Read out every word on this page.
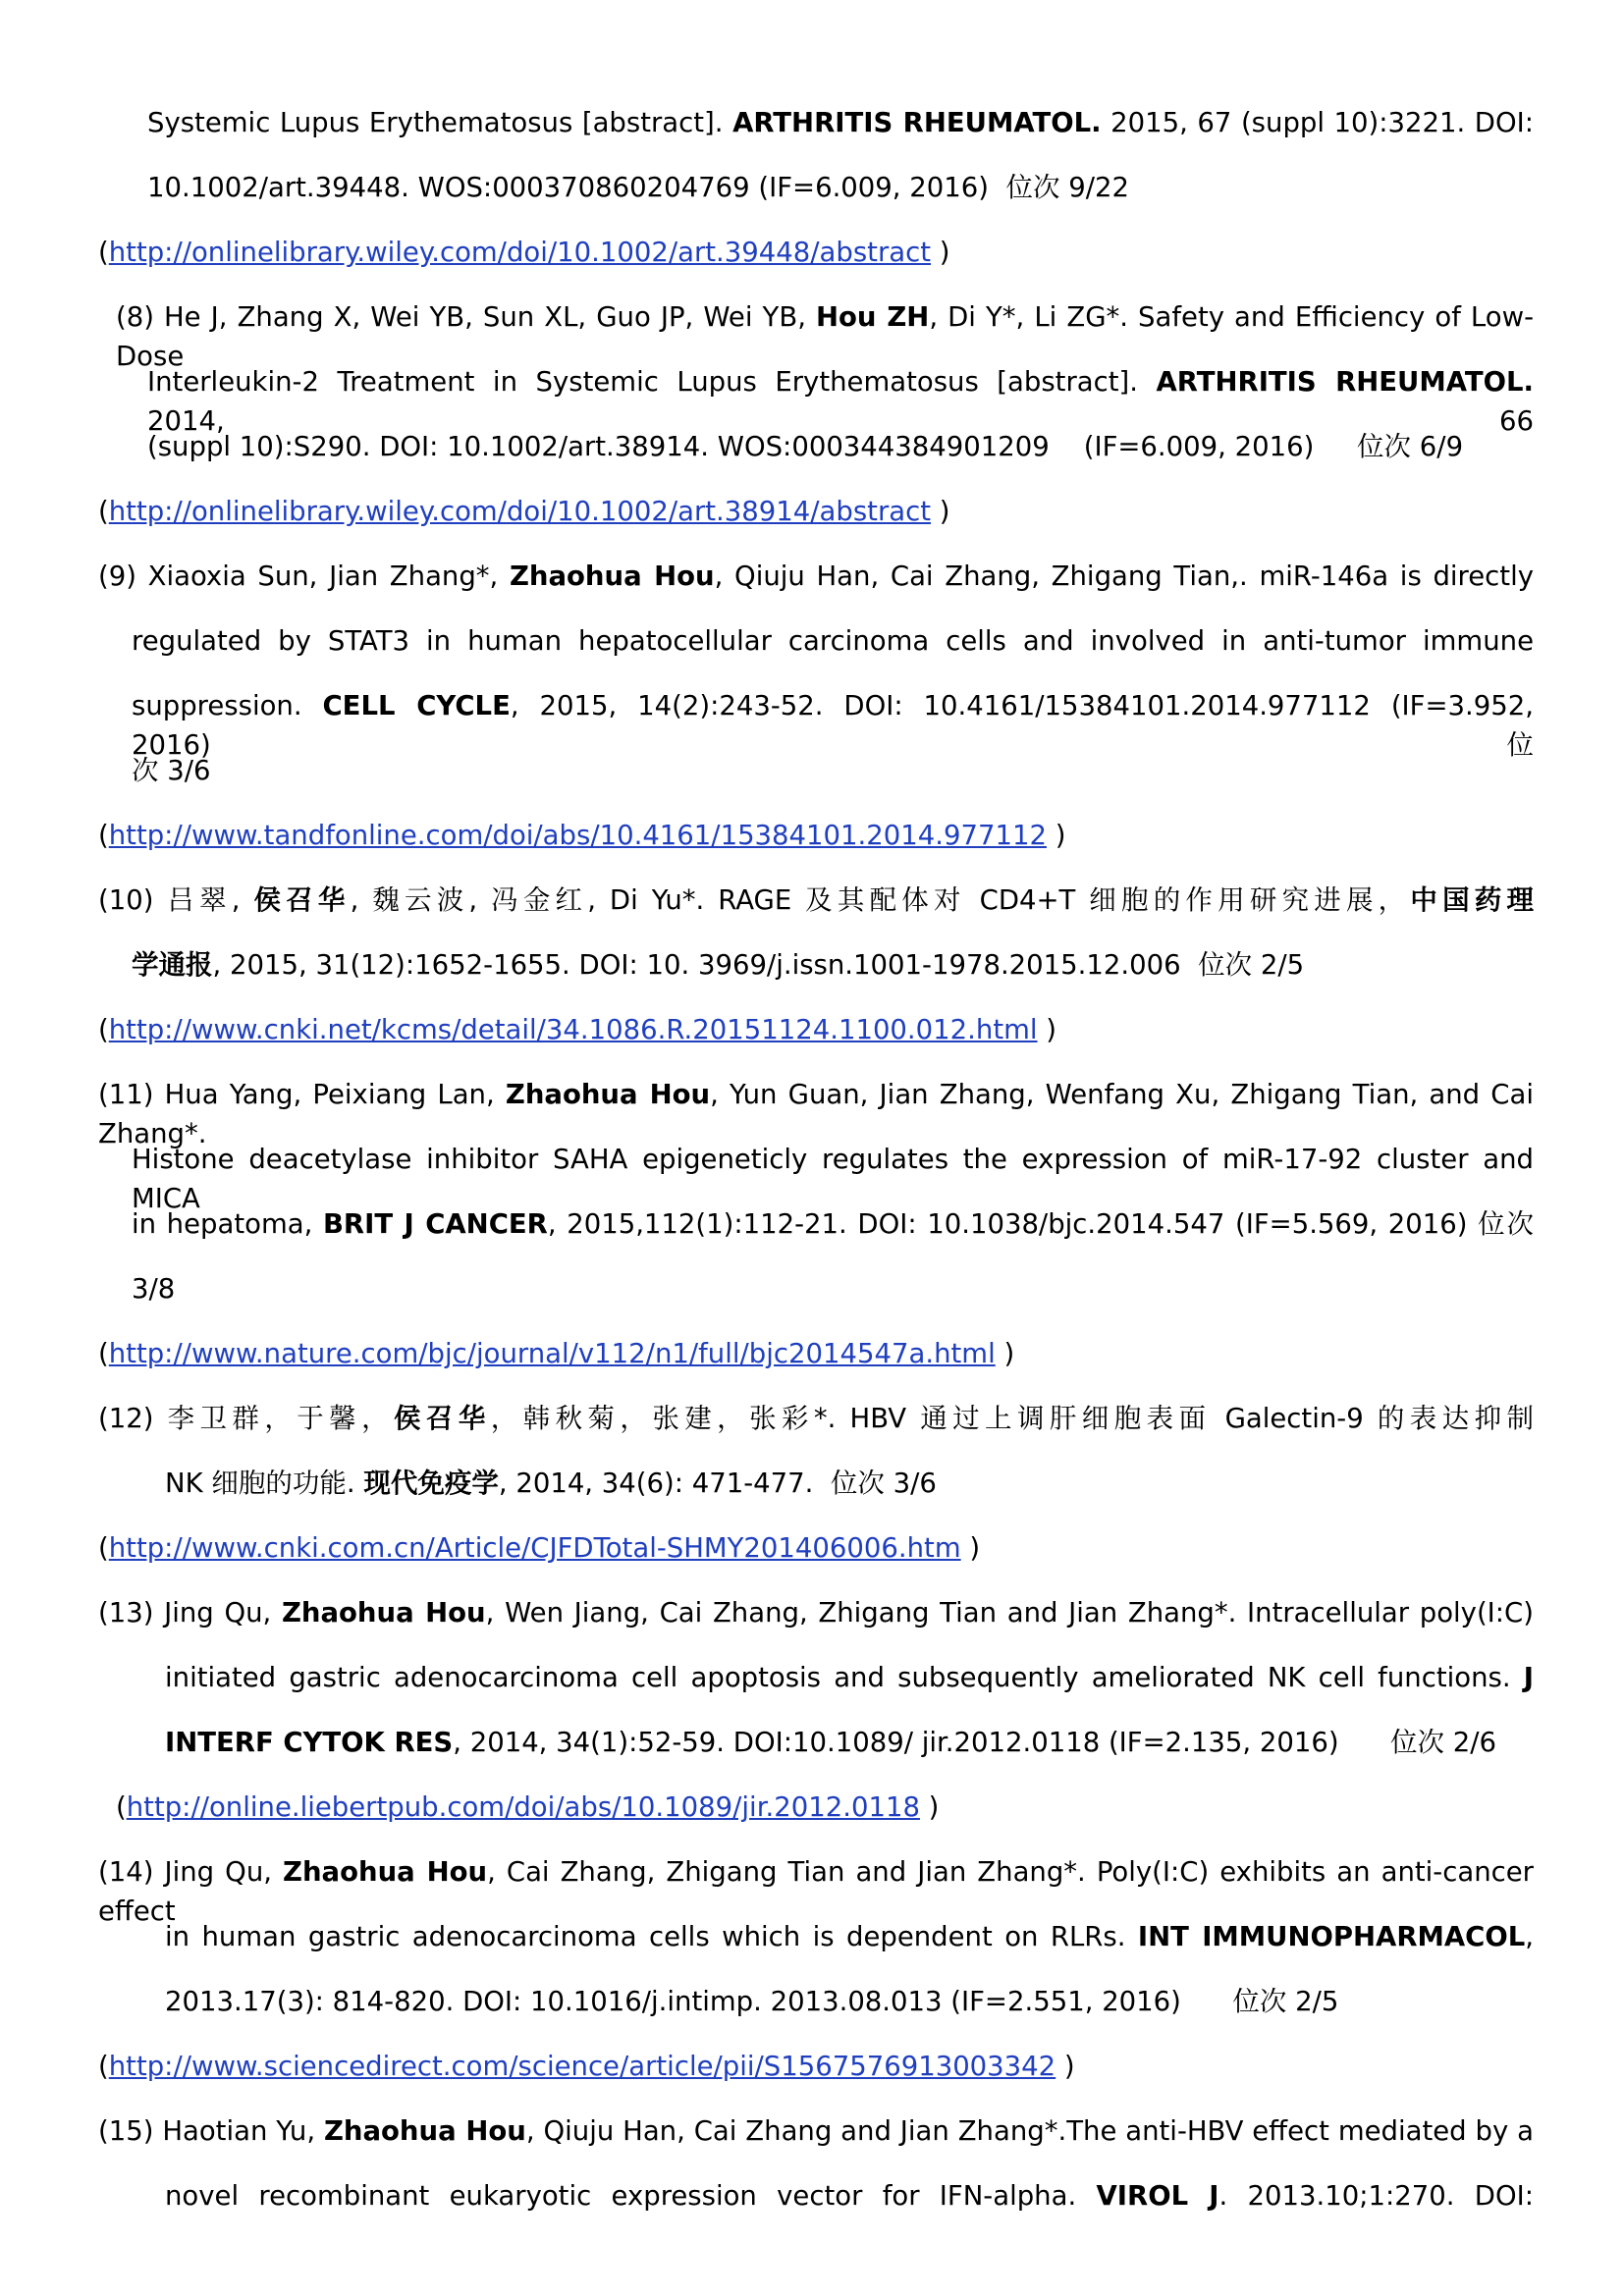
Systemic Lupus Erythematosus [abstract]. ARTHRITIS RHEUMATOL. 2015, 67 (suppl 10):3221. DOI:
10.1002/art.39448. WOS:000370860204769 (IF=6.009, 2016)  位次 9/22
(http://onlinelibrary.wiley.com/doi/10.1002/art.39448/abstract )
(8) He J, Zhang X, Wei YB, Sun XL, Guo JP, Wei YB, Hou ZH, Di Y*, Li ZG*. Safety and Efficiency of Low-Dose
Interleukin-2 Treatment in Systemic Lupus Erythematosus [abstract]. ARTHRITIS RHEUMATOL. 2014, 66
(suppl 10):S290. DOI: 10.1002/art.38914. WOS:000344384901209    (IF=6.009, 2016)     位次 6/9
(http://onlinelibrary.wiley.com/doi/10.1002/art.38914/abstract )
(9) Xiaoxia Sun, Jian Zhang*, Zhaohua Hou, Qiuju Han, Cai Zhang, Zhigang Tian,. miR-146a is directly
regulated by STAT3 in human hepatocellular carcinoma cells and involved in anti-tumor immune
suppression. CELL CYCLE, 2015, 14(2):243-52. DOI: 10.4161/15384101.2014.977112 (IF=3.952, 2016) 位
次 3/6
(http://www.tandfonline.com/doi/abs/10.4161/15384101.2014.977112 )
(10) 吕翠, 侯召华, 魏云波, 冯金红, Di Yu*. RAGE 及其配体对 CD4+T 细胞的作用研究进展，中国药理
学通报, 2015, 31(12):1652-1655. DOI: 10. 3969/j.issn.1001-1978.2015.12.006  位次 2/5
(http://www.cnki.net/kcms/detail/34.1086.R.20151124.1100.012.html )
(11) Hua Yang, Peixiang Lan, Zhaohua Hou, Yun Guan, Jian Zhang, Wenfang Xu, Zhigang Tian, and Cai Zhang*.
Histone deacetylase inhibitor SAHA epigeneticly regulates the expression of miR-17-92 cluster and MICA
in hepatoma, BRIT J CANCER, 2015,112(1):112-21. DOI: 10.1038/bjc.2014.547 (IF=5.569, 2016) 位次
3/8
(http://www.nature.com/bjc/journal/v112/n1/full/bjc2014547a.html )
(12) 李卫群，于馨，侯召华，韩秋菊，张建，张彩*. HBV 通过上调肝细胞表面 Galectin-9 的表达抑制
NK 细胞的功能. 现代免疫学, 2014, 34(6): 471-477.  位次 3/6
(http://www.cnki.com.cn/Article/CJFDTotal-SHMY201406006.htm )
(13) Jing Qu, Zhaohua Hou, Wen Jiang, Cai Zhang, Zhigang Tian and Jian Zhang*. Intracellular poly(I:C)
initiated gastric adenocarcinoma cell apoptosis and subsequently ameliorated NK cell functions. J
INTERF CYTOK RES, 2014, 34(1):52-59. DOI:10.1089/ jir.2012.0118 (IF=2.135, 2016)      位次 2/6
(http://online.liebertpub.com/doi/abs/10.1089/jir.2012.0118 )
(14) Jing Qu, Zhaohua Hou, Cai Zhang, Zhigang Tian and Jian Zhang*. Poly(I:C) exhibits an anti-cancer effect
in human gastric adenocarcinoma cells which is dependent on RLRs. INT IMMUNOPHARMACOL,
2013.17(3): 814-820. DOI: 10.1016/j.intimp. 2013.08.013 (IF=2.551, 2016)      位次 2/5
(http://www.sciencedirect.com/science/article/pii/S1567576913003342 )
(15) Haotian Yu, Zhaohua Hou, Qiuju Han, Cai Zhang and Jian Zhang*.The anti-HBV effect mediated by a
novel recombinant eukaryotic expression vector for IFN-alpha. VIROL J. 2013.10;1:270. DOI:
